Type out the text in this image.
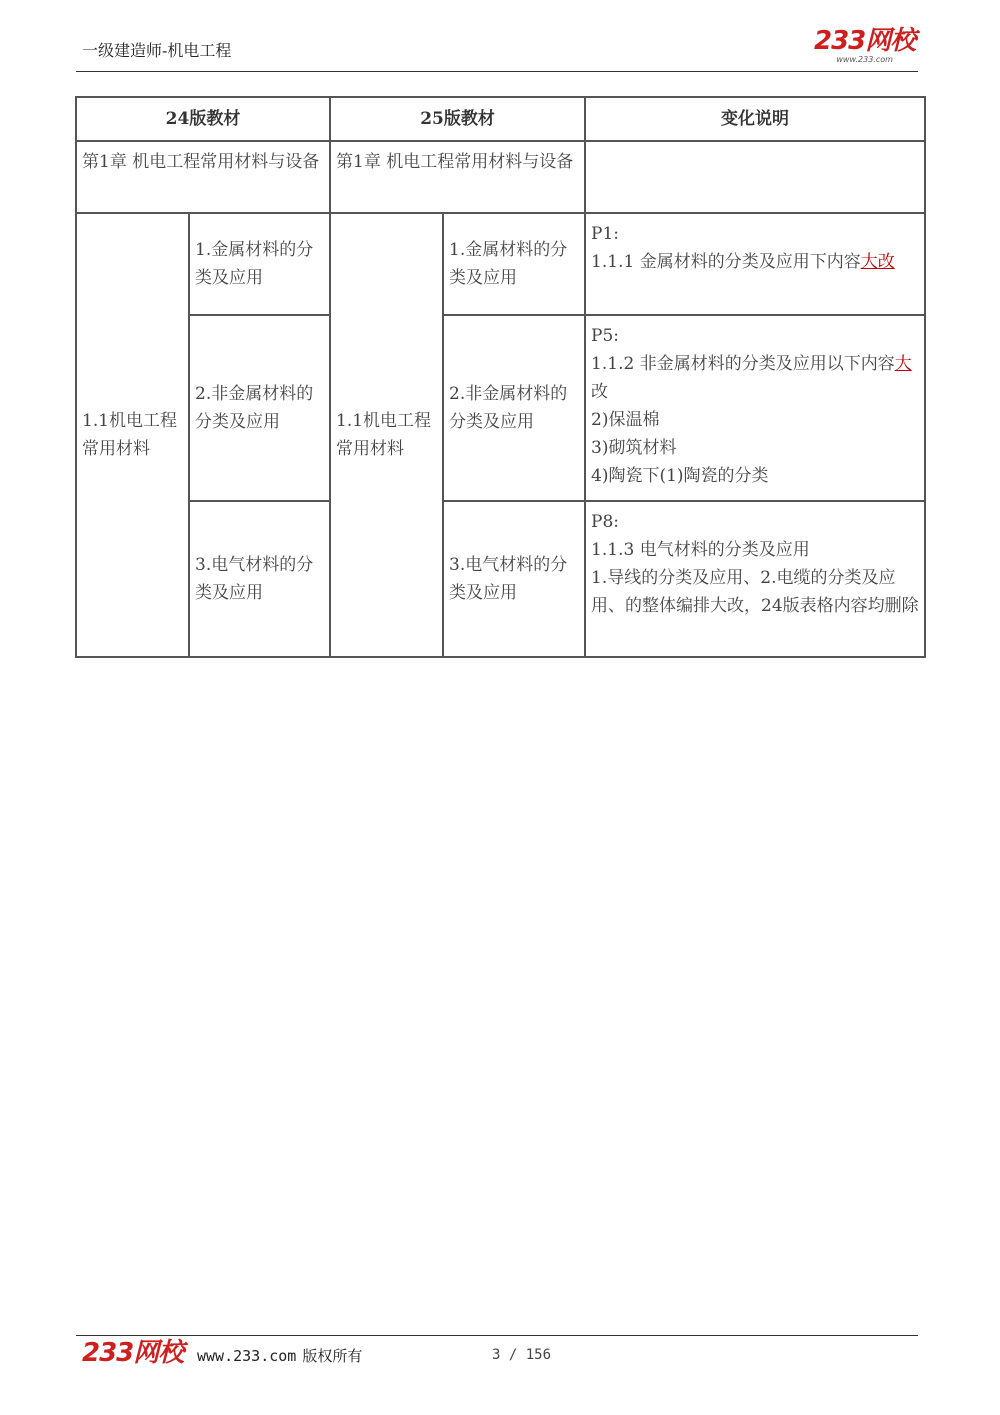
一级建造师-机电工程	233网校
www.233.com
24版教材		25版教材		变化说明
第1章 机电工程常用材料与设备		第1章 机电工程常用材料与设备		
1.1机电工程常用材料	1.金属材料的分类及应用	1.1机电工程常用材料	1.金属材料的分类及应用	P1:
1.1.1 金属材料的分类及应用下内容大改

	2.非金属材料的分类及应用		2.非金属材料的分类及应用	P5:
1.1.2 非金属材料的分类及应用以下内容大改
2)保温棉
3)砌筑材料
4)陶瓷下(1)陶瓷的分类

	3.电气材料的分类及应用		3.电气材料的分类及应用	P8:
1.1.3 电气材料的分类及应用
1.导线的分类及应用、2.电缆的分类及应用、的整体编排大改，24版表格内容均删除
233网校 www.233.com 版权所有	3 / 156
